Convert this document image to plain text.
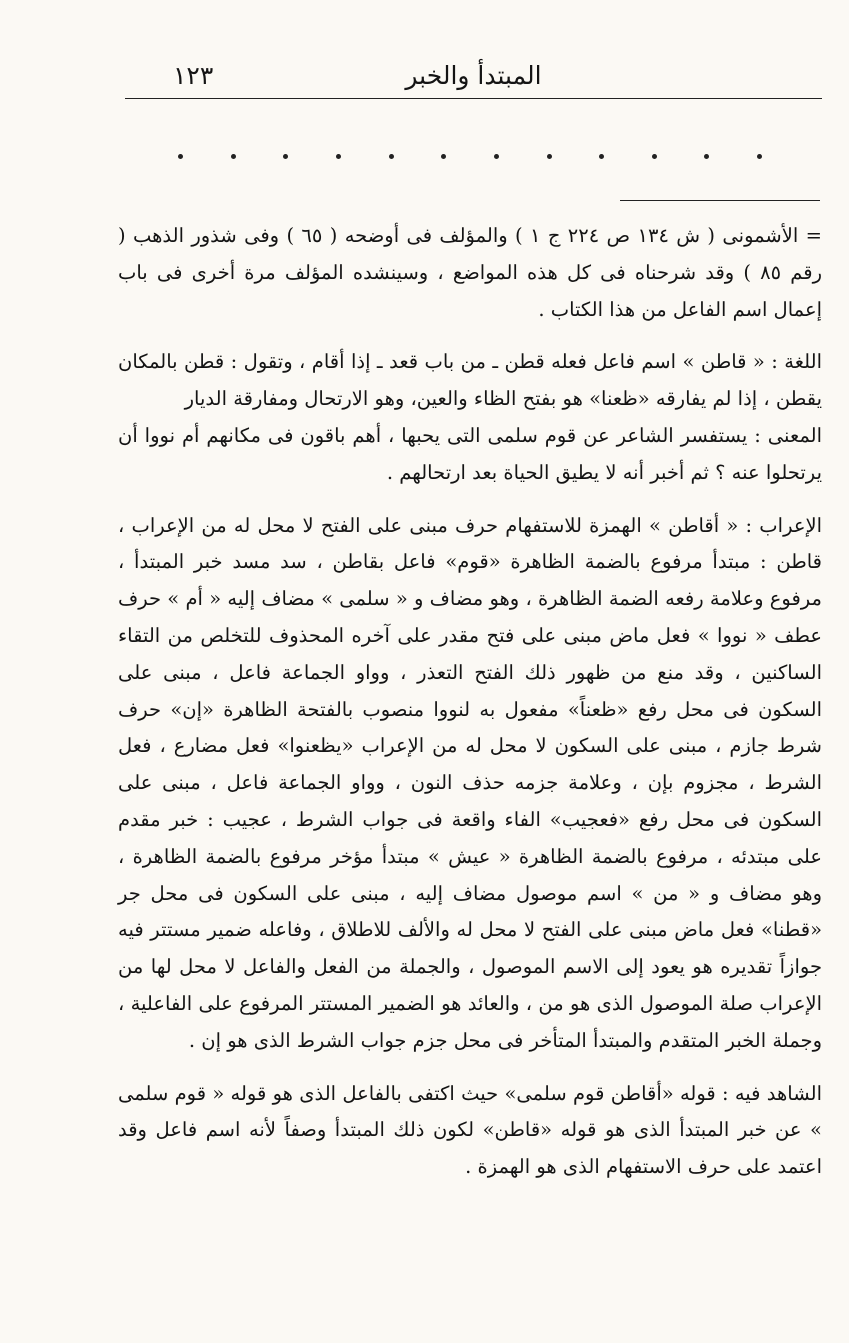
المبتدأ والخبر
١٢٣

= الأشمونى ( ش ١٣٤ ص ٢٢٤ ج ١ ) والمؤلف فى أوضحه ( ٦٥ ) وفى شذور الذهب ( رقم ٨٥ ) وقد شرحناه فى كل هذه المواضع ، وسينشده المؤلف مرة أخرى فى باب إعمال اسم الفاعل من هذا الكتاب .

اللغة : « قاطن » اسم فاعل فعله قطن ـ من باب قعد ـ إذا أقام ، وتقول : قطن بالمكان يقطن ، إذا لم يفارقه «ظعنا» هو بفتح الظاء والعين، وهو الارتحال ومفارقة الديار

المعنى : يستفسر الشاعر عن قوم سلمى التى يحبها ، أهم باقون فى مكانهم أم نووا أن يرتحلوا عنه ؟ ثم أخبر أنه لا يطيق الحياة بعد ارتحالهم .

الإعراب : « أقاطن » الهمزة للاستفهام حرف مبنى على الفتح لا محل له من الإعراب ، قاطن : مبتدأ مرفوع بالضمة الظاهرة «قوم» فاعل بقاطن ، سد مسد خبر المبتدأ ، مرفوع وعلامة رفعه الضمة الظاهرة ، وهو مضاف و « سلمى » مضاف إليه « أم » حرف عطف « نووا » فعل ماض مبنى على فتح مقدر على آخره المحذوف للتخلص من التقاء الساكنين ، وقد منع من ظهور ذلك الفتح التعذر ، وواو الجماعة فاعل ، مبنى على السكون فى محل رفع «ظعناً» مفعول به لنووا منصوب بالفتحة الظاهرة «إن» حرف شرط جازم ، مبنى على السكون لا محل له من الإعراب «يظعنوا» فعل مضارع ، فعل الشرط ، مجزوم بإن ، وعلامة جزمه حذف النون ، وواو الجماعة فاعل ، مبنى على السكون فى محل رفع «فعجيب» الفاء واقعة فى جواب الشرط ، عجيب : خبر مقدم على مبتدئه ، مرفوع بالضمة الظاهرة « عيش » مبتدأ مؤخر مرفوع بالضمة الظاهرة ، وهو مضاف و « من » اسم موصول مضاف إليه ، مبنى على السكون فى محل جر «قطنا» فعل ماض مبنى على الفتح لا محل له والألف للاطلاق ، وفاعله ضمير مستتر فيه جوازاً تقديره هو يعود إلى الاسم الموصول ، والجملة من الفعل والفاعل لا محل لها من الإعراب صلة الموصول الذى هو من ، والعائد هو الضمير المستتر المرفوع على الفاعلية ، وجملة الخبر المتقدم والمبتدأ المتأخر فى محل جزم جواب الشرط الذى هو إن .

الشاهد فيه : قوله «أقاطن قوم سلمى» حيث اكتفى بالفاعل الذى هو قوله « قوم سلمى » عن خبر المبتدأ الذى هو قوله «قاطن» لكون ذلك المبتدأ وصفاً لأنه اسم فاعل وقد اعتمد على حرف الاستفهام الذى هو الهمزة .
